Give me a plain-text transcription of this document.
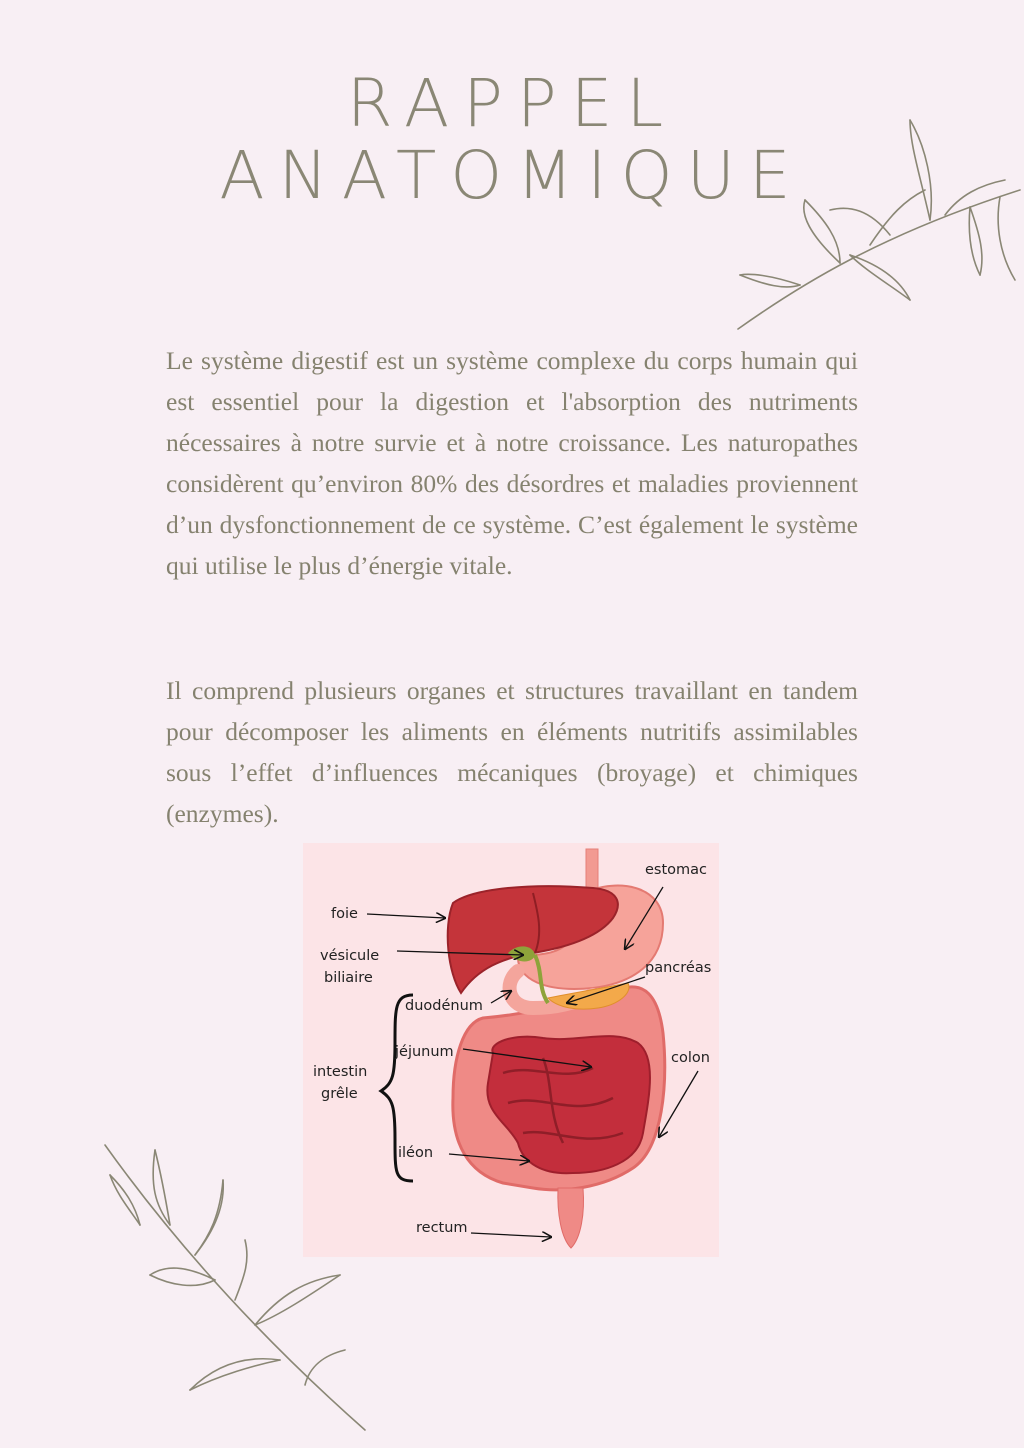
RAPPEL
ANATOMIQUE
Le système digestif est un système complexe du corps humain qui est essentiel pour la digestion et l'absorption des nutriments nécessaires à notre survie et à notre croissance. Les naturopathes considèrent qu’environ 80% des désordres et maladies proviennent d’un dysfonctionnement de ce système. C’est également le système qui utilise le plus d’énergie vitale.
Il comprend plusieurs organes et structures travaillant en tandem pour décomposer les aliments en éléments nutritifs assimilables sous l’effet d’influences mécaniques (broyage) et chimiques (enzymes).
foie
vésicule
biliaire
estomac
pancréas
duodénum
jéjunum
intestin
grêle
colon
iléon
rectum
